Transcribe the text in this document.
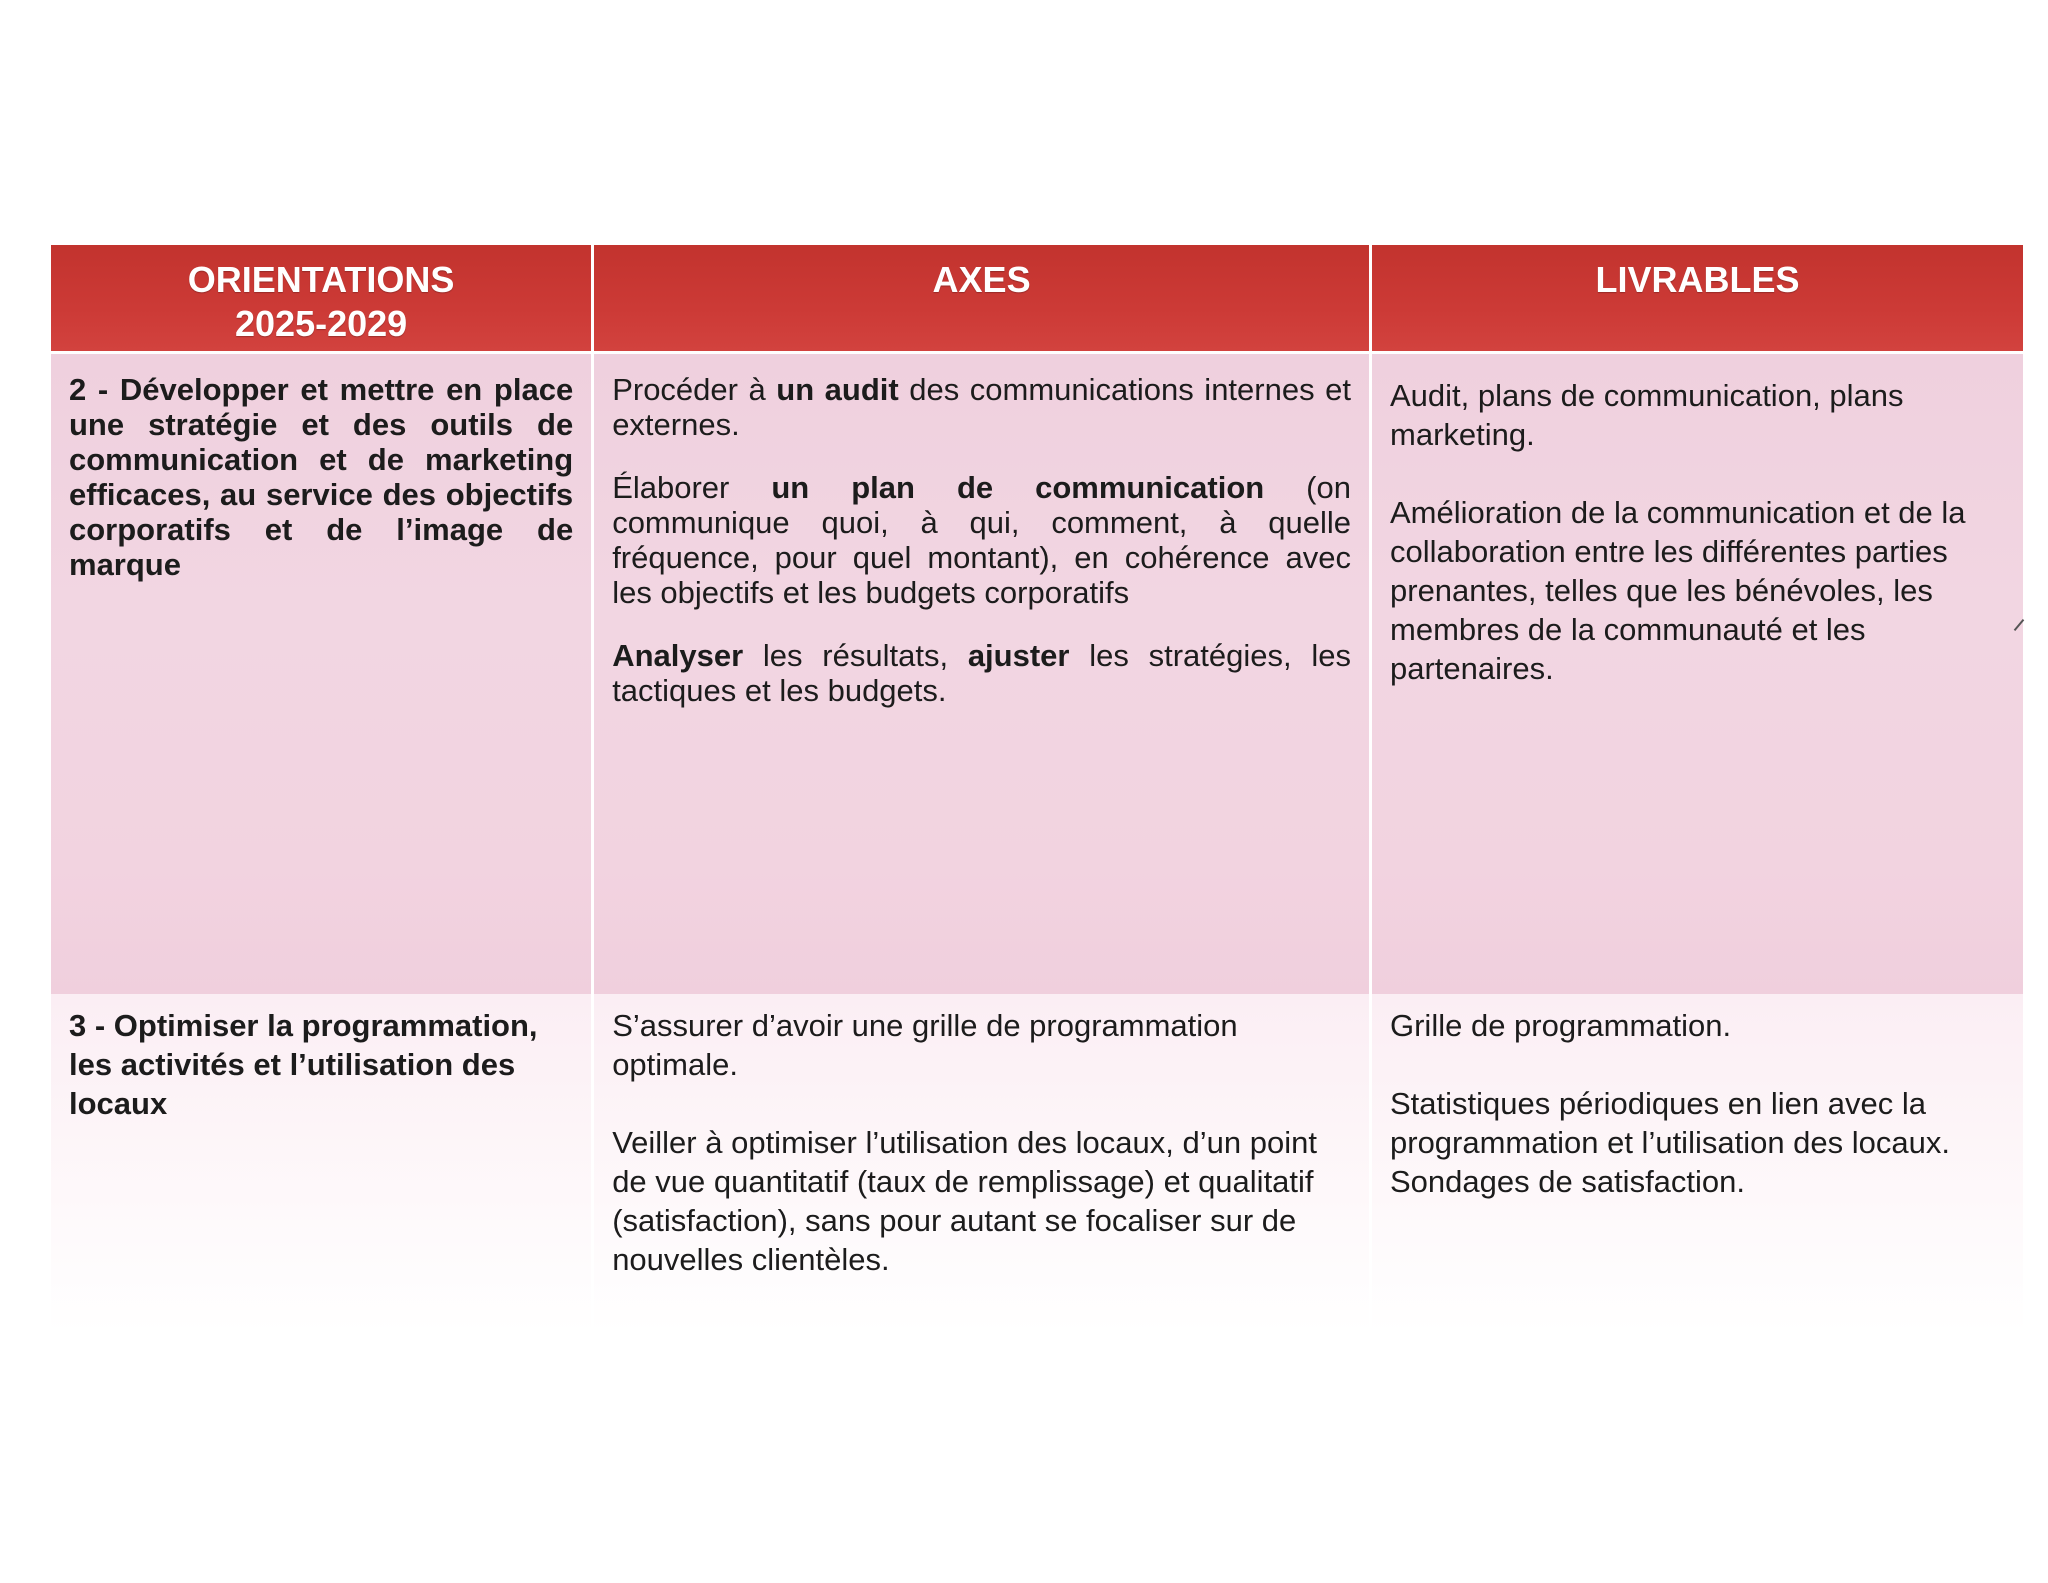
ORIENTATIONS
2025-2029
AXES	LIVRABLES
2 - Développer et mettre en place une stratégie et des outils de communication et de marketing efficaces, au service des objectifs corporatifs et de l’image de marque

Procéder à un audit des communications internes et externes.

Élaborer un plan de communication (on communique quoi, à qui, comment, à quelle fréquence, pour quel montant), en cohérence avec les objectifs et les budgets corporatifs

Analyser les résultats, ajuster les stratégies, les tactiques et les budgets.

Audit, plans de communication, plans marketing.

Amélioration de la communication et de la collaboration entre les différentes parties prenantes, telles que les bénévoles, les membres de la communauté et les partenaires.

3 - Optimiser la programmation, les activités et l’utilisation des locaux

S’assurer d’avoir une grille de programmation optimale.

Veiller à optimiser l’utilisation des locaux, d’un point de vue quantitatif (taux de remplissage) et qualitatif (satisfaction), sans pour autant se focaliser sur de nouvelles clientèles.

Grille de programmation.

Statistiques périodiques en lien avec la programmation et l’utilisation des locaux. Sondages de satisfaction.
